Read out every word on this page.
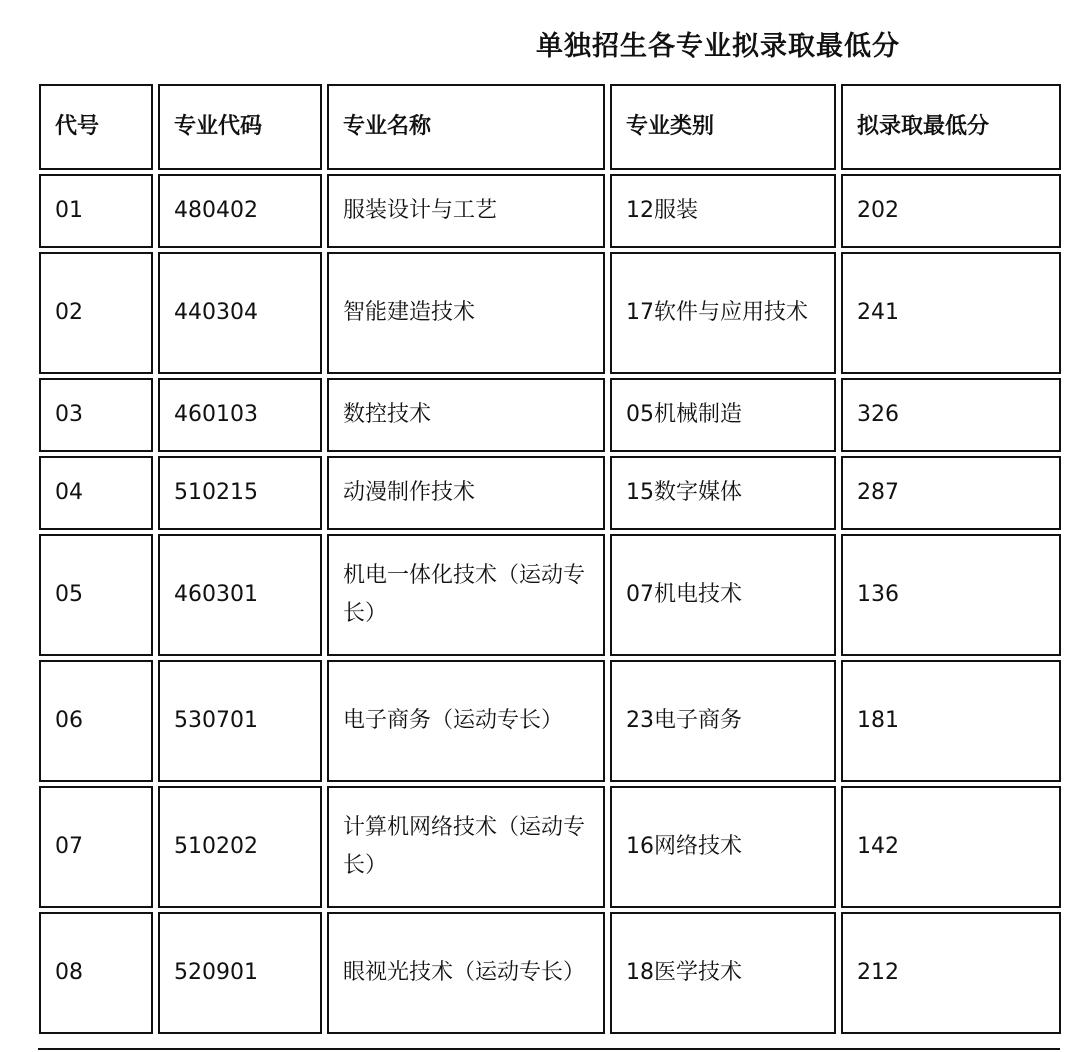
单独招生各专业拟录取最低分
代号	专业代码	专业名称	专业类别	拟录取最低分
01	480402	服装设计与工艺	12服装	202
02	440304	智能建造技术	17软件与应用技术	241
03	460103	数控技术	05机械制造	326
04	510215	动漫制作技术	15数字媒体	287
05	460301	机电一体化技术（运动专长）	07机电技术	136
06	530701	电子商务（运动专长）	23电子商务	181
07	510202	计算机网络技术（运动专长）	16网络技术	142
08	520901	眼视光技术（运动专长）	18医学技术	212
